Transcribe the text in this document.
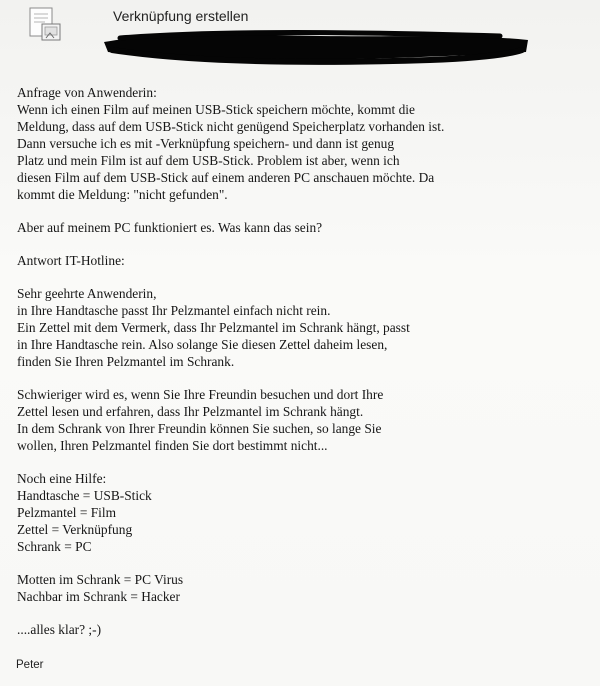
Verknüpfung erstellen
Anfrage von Anwenderin:
Wenn ich einen Film auf meinen USB-Stick speichern möchte, kommt die
Meldung, dass auf dem USB-Stick nicht genügend Speicherplatz vorhanden ist.
Dann versuche ich es mit -Verknüpfung speichern- und dann ist genug
Platz und mein Film ist auf dem USB-Stick. Problem ist aber, wenn ich
diesen Film auf dem USB-Stick auf einem anderen PC anschauen möchte. Da
kommt die Meldung: "nicht gefunden".
Aber auf meinem PC funktioniert es. Was kann das sein?
Antwort IT-Hotline:
Sehr geehrte Anwenderin,
in Ihre Handtasche passt Ihr Pelzmantel einfach nicht rein.
Ein Zettel mit dem Vermerk, dass Ihr Pelzmantel im Schrank hängt, passt
in Ihre Handtasche rein. Also solange Sie diesen Zettel daheim lesen,
finden Sie Ihren Pelzmantel im Schrank.
Schwieriger wird es, wenn Sie Ihre Freundin besuchen und dort Ihre
Zettel lesen und erfahren, dass Ihr Pelzmantel im Schrank hängt.
In dem Schrank von Ihrer Freundin können Sie suchen, so lange Sie
wollen, Ihren Pelzmantel finden Sie dort bestimmt nicht...
Noch eine Hilfe:
Handtasche = USB-Stick
Pelzmantel = Film
Zettel = Verknüpfung
Schrank = PC
Motten im Schrank = PC Virus
Nachbar im Schrank = Hacker
....alles klar? ;-)
Peter
